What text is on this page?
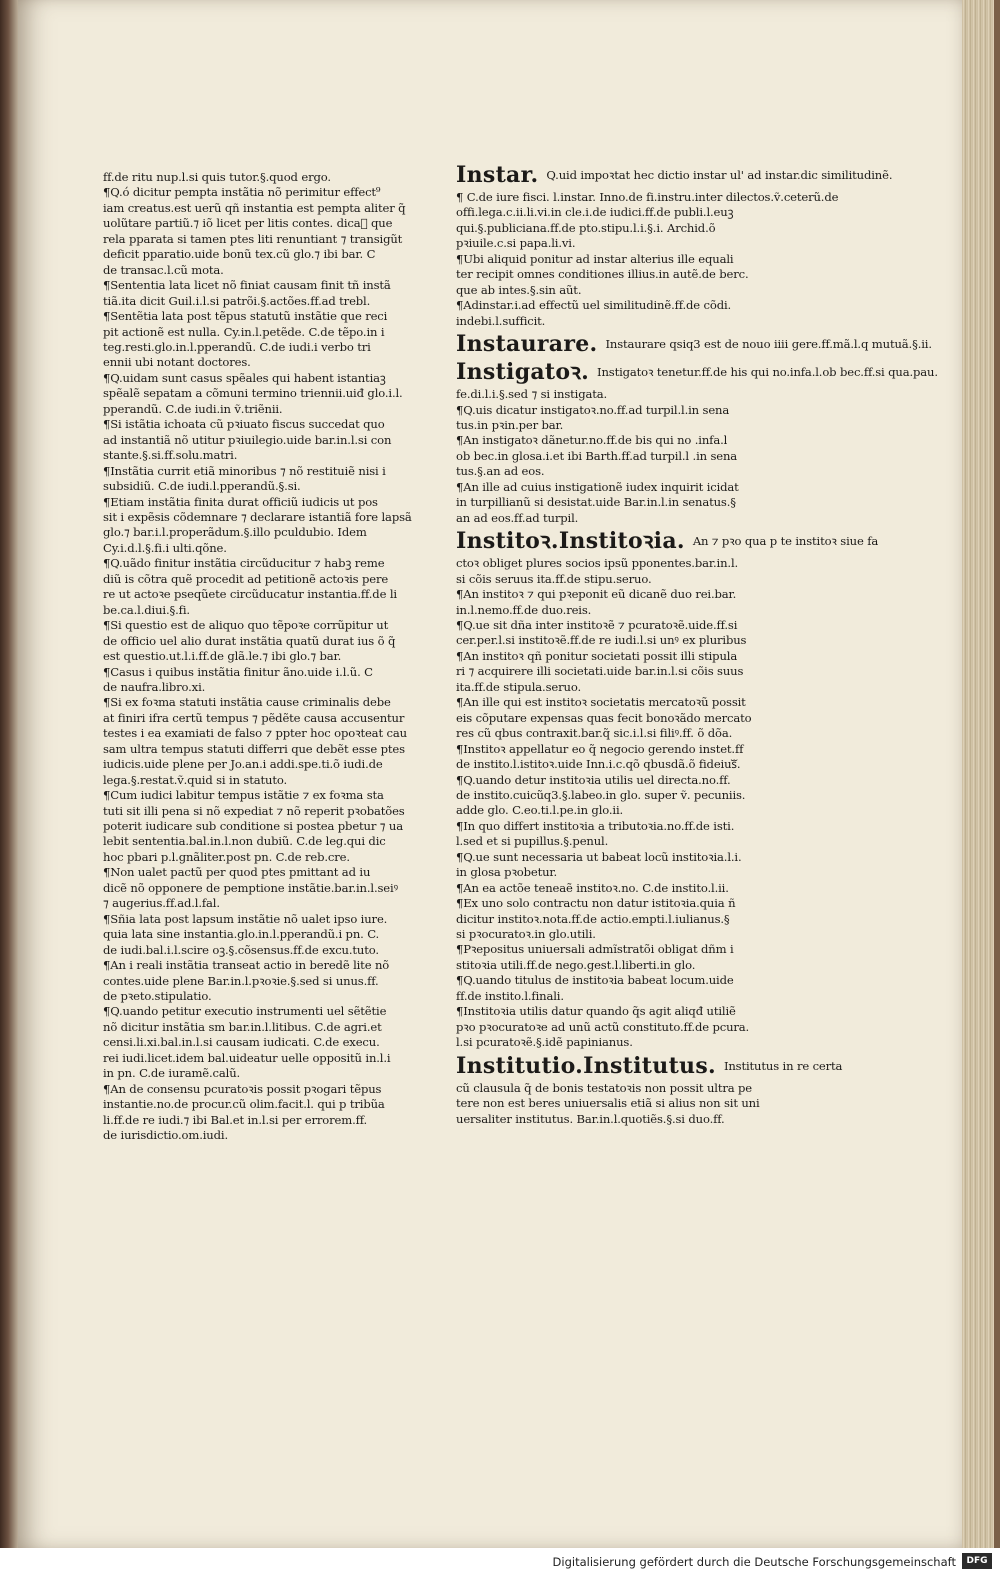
ff.de ritu nup.l.si quis tutor.§.quod ergo.
¶Q.ó dicitur pempta instãtia nõ perimitur effect⁹
iam creatus.est uerũ qñ instantia est pempta aliter q̃
uolũtare partiũ.⁊ iõ licet per litis contes. dicaᷓ que
rela pparata si tamen ptes liti renuntiant ⁊ transigũt
deficit pparatio.uide bonũ tex.cũ glo.⁊ ibi bar. C
de transac.l.cũ mota.
¶Sententia lata licet nõ finiat causam finit tñ instã
tiã.ita dicit Guil.i.l.si patrõi.§.actões.ff.ad trebl.
¶Sentẽtia lata post tẽpus statutũ instãtie que reci
pit actionẽ est nulla. Cy.in.l.petẽde. C.de tẽpo.in i
teg.resti.glo.in.l.pperandũ. C.de iudi.i verbo tri
ennii ubi notant doctores.
¶Q.uidam sunt casus spẽales qui habent istantiaꝫ
spẽalẽ sepatam a cõmuni termino triennii.uiđ glo.i.l.
pperandũ. C.de iudi.in ṽ.triẽnii.
¶Si istãtia ichoata cũ pꝛiuato fiscus succedat quo
ad instantiã nõ utitur pꝛiuilegio.uide bar.in.l.si con
stante.§.si.ff.solu.matri.
¶Instãtia currit etiã minoribus ⁊ nõ restituiẽ nisi i
subsidiũ. C.de iudi.l.pperandũ.§.si.
¶Etiam instãtia finita durat officiũ iudicis ut pos
sit i expẽsis cõdemnare ⁊ declarare istantiã fore lapsã
glo.⁊ bar.i.l.properãdum.§.illo pculdubio. Idem
Cy.i.d.l.§.fi.i ulti.qõne.
¶Q.uãdo finitur instãtia circũducitur ⁊ habꝫ reme
diũ is cõtra quẽ procedit ad petitionẽ actoꝛis pere
re ut actoꝛe pseqũete circũducatur instantia.ff.de li
be.ca.l.diui.§.fi.
¶Si questio est de aliquo quo tẽpoꝛe corrũpitur ut
de officio uel alio durat instãtia quatũ durat ius õ q̃
est questio.ut.l.i.ff.de glã.le.⁊ ibi glo.⁊ bar.
¶Casus i quibus instãtia finitur ãno.uide i.l.ũ. C
de naufra.libro.xi.
¶Si ex foꝛma statuti instãtia cause criminalis debe
at finiri ifra certũ tempus ⁊ pẽdẽte causa accusentur
testes i ea examiati de falso ⁊ ppter hoc opoꝛteat cau
sam ultra tempus statuti differri que debẽt esse ptes
iudicis.uide plene per Jo.an.i addi.spe.ti.õ iudi.de
lega.§.restat.ṽ.quid si in statuto.
¶Cum iudici labitur tempus istãtie ⁊ ex foꝛma sta
tuti sit illi pena si nõ expediat ⁊ nõ reperit pꝛobatões
poterit iudicare sub conditione si postea pbetur ⁊ ua
lebit sententia.bal.in.l.non dubiũ. C.de leg.qui dic
hoc pbari p.l.gnãliter.post pn. C.de reb.cre.
¶Non ualet pactũ per quod ptes pmittant ad iu
dicẽ nõ opponere de pemptione instãtie.bar.in.l.seiꝰ
⁊ augerius.ff.ad.l.fal.
¶Sñia lata post lapsum instãtie nõ ualet ipso iure.
quia lata sine instantia.glo.in.l.pperandũ.i pn. C.
de iudi.bal.i.l.scire oꝫ.§.cõsensus.ff.de excu.tuto.
¶An i reali instãtia transeat actio in beredẽ lite nõ
contes.uide plene Bar.in.l.pꝛoꝛie.§.sed si unus.ff.
de pꝛeto.stipulatio.
¶Q.uando petitur executio instrumenti uel sẽtẽtie
nõ dicitur instãtia sm bar.in.l.litibus. C.de agri.et
censi.li.xi.bal.in.l.si causam iudicati. C.de execu.
rei iudi.licet.idem bal.uideatur uelle oppositũ in.l.i
in pn. C.de iuramẽ.calũ.
¶An de consensu pcuratoꝛis possit pꝛogari tẽpus
instantie.no.de procur.cũ olim.facit.l. qui p tribũa
li.ff.de re iudi.⁊ ibi Bal.et in.l.si per errorem.ff.
de iurisdictio.om.iudi.
Instar. $^{Q.uid impoꝛtat hec dictio instar ul' ad instar.dic similitudinẽ.}$
¶ C.de iure fisci. l.instar. Inno.de fi.instru.inter dilectos.ṽ.ceterũ.de
offi.lega.c.ii.li.vi.in cle.i.de iudici.ff.de publi.l.euꝫ
qui.§.publiciana.ff.de pto.stipu.l.i.§.i. Archid.õ
pꝛiuile.c.si papa.li.vi.
¶Ubi aliquid ponitur ad instar alterius ille equali
ter recipit omnes conditiones illius.in autẽ.de berc.
que ab intes.§.sin aũt.
¶Adinstar.i.ad effectũ uel similitudinẽ.ff.de cõdi.
indebi.l.sufficit.
Instaurare. $^{Instaurare qsiq3 est de nouo iiii gere.ff.mã.l.q mutuã.\S.ii.}$
Instigatoꝛ. $^{Instigatoꝛ tenetur.ff.de his qui no.infa.l.ob bec.ff.si qua.pau.}$
fe.di.l.i.§.sed ⁊ si instigata.
¶Q.uis dicatur instigatoꝛ.no.ff.ad turpil.l.in sena
tus.in pꝛin.per bar.
¶An instigatoꝛ dãnetur.no.ff.de bis qui no .infa.l
ob bec.in glosa.i.et ibi Barth.ff.ad turpil.l .in sena
tus.§.an ad eos.
¶An ille ad cuius instigationẽ iudex inquirit icidat
in turpillianũ si desistat.uide Bar.in.l.in senatus.§
an ad eos.ff.ad turpil.
Institoꝛ.Institoꝛia. $^{An ⁊ pꝛo qua p te institoꝛ siue fa}$
ctoꝛ obliget plures socios ipsũ pponentes.bar.in.l.
si cõis seruus ita.ff.de stipu.seruo.
¶An institoꝛ ⁊ qui pꝛeponit eũ dicanẽ duo rei.bar.
in.l.nemo.ff.de duo.reis.
¶Q.ue sit dña inter institoꝛẽ ⁊ pcuratoꝛẽ.uide.ff.si
cer.per.l.si institoꝛẽ.ff.de re iudi.l.si unꝰ ex pluribus
¶An institoꝛ qñ ponitur societati possit illi stipula
ri ⁊ acquirere illi societati.uide bar.in.l.si cõis suus
ita.ff.de stipula.seruo.
¶An ille qui est institoꝛ societatis mercatoꝛũ possit
eis cõputare expensas quas fecit bonoꝛãdo mercato
res cũ qbus contraxit.bar.q̃ sic.i.l.si filiꝰ.ff. õ dõa.
¶Institoꝛ appellatur eo q̃ negocio gerendo instet.ff
de instito.l.istitoꝛ.uide Inn.i.c.qõ qbusdã.õ fideiusᷓ.
¶Q.uando detur institoꝛia utilis uel directa.no.ff.
de instito.cuicũq3.§.labeo.in glo. super ṽ. pecuniis.
adde glo. C.eo.ti.l.pe.in glo.ii.
¶In quo differt institoꝛia a tributoꝛia.no.ff.de isti.
l.sed et si pupillus.§.penul.
¶Q.ue sunt necessaria ut babeat locũ institoꝛia.l.i.
in glosa pꝛobetur.
¶An ea actõe teneaẽ institoꝛ.no. C.de instito.l.ii.
¶Ex uno solo contractu non datur istitoꝛia.quia ñ
dicitur institoꝛ.nota.ff.de actio.empti.l.iulianus.§
si pꝛocuratoꝛ.in glo.utili.
¶Pꝛepositus uniuersali admĩstratõi obligat dñm i
stitoꝛia utili.ff.de nego.gest.l.liberti.in glo.
¶Q.uando titulus de institoꝛia babeat locum.uide
ff.de instito.l.finali.
¶Institoꝛia utilis datur quando q̃s agit aliqđ utiliẽ
pꝛo pꝛocuratoꝛe ad unũ actũ constituto.ff.de pcura.
l.si pcuratoꝛẽ.§.idẽ papinianus.
Institutio.Institutus. $^{Institutus in re certa}$
cũ clausula q̃ de bonis testatoꝛis non possit ultra pe
tere non est beres uniuersalis etiã si alius non sit uni
uersaliter institutus. Bar.in.l.quotiẽs.§.si duo.ff.
Digitalisierung gefördert durch die Deutsche Forschungsgemeinschaft	DFG
